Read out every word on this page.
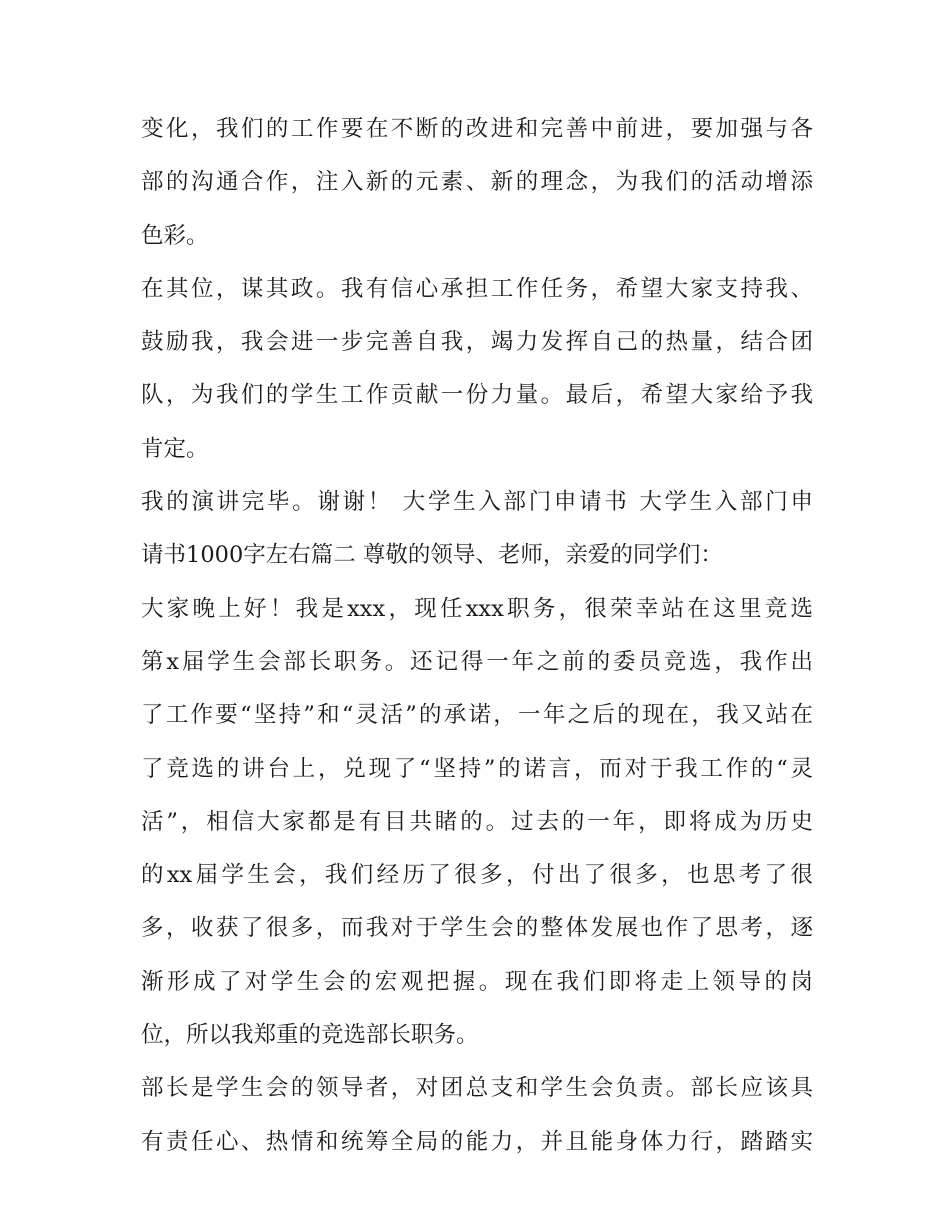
变化，我们的工作要在不断的改进和完善中前进，要加强与各
部的沟通合作，注入新的元素、新的理念，为我们的活动增添
色彩。
在其位，谋其政。我有信心承担工作任务，希望大家支持我、
鼓励我，我会进一步完善自我，竭力发挥自己的热量，结合团
队，为我们的学生工作贡献一份力量。最后，希望大家给予我
肯定。
我的演讲完毕。谢谢！ 大学生入部门申请书 大学生入部门申
请书1000字左右篇二 尊敬的领导、老师，亲爱的同学们：
大家晚上好！我是xxx，现任xxx职务，很荣幸站在这里竞选
第x届学生会部长职务。还记得一年之前的委员竞选，我作出
了工作要“坚持”和“灵活”的承诺，一年之后的现在，我又站在
了竞选的讲台上，兑现了“坚持”的诺言，而对于我工作的“灵
活”，相信大家都是有目共睹的。过去的一年，即将成为历史
的xx届学生会，我们经历了很多，付出了很多，也思考了很
多，收获了很多，而我对于学生会的整体发展也作了思考，逐
渐形成了对学生会的宏观把握。现在我们即将走上领导的岗
位，所以我郑重的竞选部长职务。
部长是学生会的领导者，对团总支和学生会负责。部长应该具
有责任心、热情和统筹全局的能力，并且能身体力行，踏踏实
